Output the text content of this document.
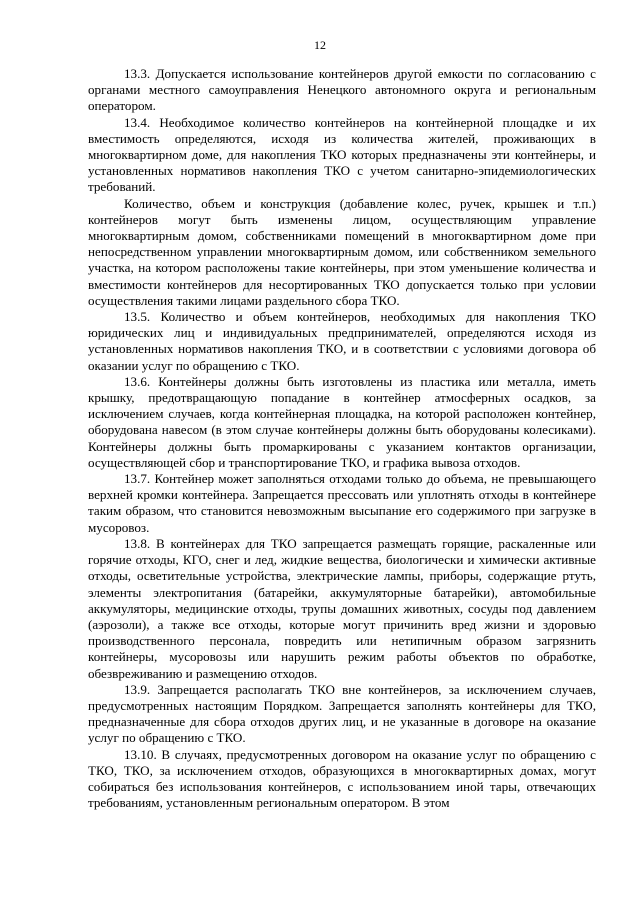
12

13.3. Допускается использование контейнеров другой емкости по согласованию с органами местного самоуправления Ненецкого автономного округа и региональным оператором.

13.4. Необходимое количество контейнеров на контейнерной площадке и их вместимость определяются, исходя из количества жителей, проживающих в многоквартирном доме, для накопления ТКО которых предназначены эти контейнеры, и установленных нормативов накопления ТКО с учетом санитарно-эпидемиологических требований.

Количество, объем и конструкция (добавление колес, ручек, крышек и т.п.) контейнеров могут быть изменены лицом, осуществляющим управление многоквартирным домом, собственниками помещений в многоквартирном доме при непосредственном управлении многоквартирным домом, или собственником земельного участка, на котором расположены такие контейнеры, при этом уменьшение количества и вместимости контейнеров для несортированных ТКО допускается только при условии осуществления такими лицами раздельного сбора ТКО.

13.5. Количество и объем контейнеров, необходимых для накопления ТКО юридических лиц и индивидуальных предпринимателей, определяются исходя из установленных нормативов накопления ТКО, и в соответствии с условиями договора об оказании услуг по обращению с ТКО.

13.6. Контейнеры должны быть изготовлены из пластика или металла, иметь крышку, предотвращающую попадание в контейнер атмосферных осадков, за исключением случаев, когда контейнерная площадка, на которой расположен контейнер, оборудована навесом (в этом случае контейнеры должны быть оборудованы колесиками). Контейнеры должны быть промаркированы с указанием контактов организации, осуществляющей сбор и транспортирование ТКО, и графика вывоза отходов.

13.7. Контейнер может заполняться отходами только до объема, не превышающего верхней кромки контейнера. Запрещается прессовать или уплотнять отходы в контейнере таким образом, что становится невозможным высыпание его содержимого при загрузке в мусоровоз.

13.8. В контейнерах для ТКО запрещается размещать горящие, раскаленные или горячие отходы, КГО, снег и лед, жидкие вещества, биологически и химически активные отходы, осветительные устройства, электрические лампы, приборы, содержащие ртуть, элементы электропитания (батарейки, аккумуляторные батарейки), автомобильные аккумуляторы, медицинские отходы, трупы домашних животных, сосуды под давлением (аэрозоли), а также все отходы, которые могут причинить вред жизни и здоровью производственного персонала, повредить или нетипичным образом загрязнить контейнеры, мусоровозы или нарушить режим работы объектов по обработке, обезвреживанию и размещению отходов.

13.9. Запрещается располагать ТКО вне контейнеров, за исключением случаев, предусмотренных настоящим Порядком. Запрещается заполнять контейнеры для ТКО, предназначенные для сбора отходов других лиц, и не указанные в договоре на оказание услуг по обращению с ТКО.

13.10. В случаях, предусмотренных договором на оказание услуг по обращению с ТКО, ТКО, за исключением отходов, образующихся в многоквартирных домах, могут собираться без использования контейнеров, с использованием иной тары, отвечающих требованиям, установленным региональным оператором. В этом
